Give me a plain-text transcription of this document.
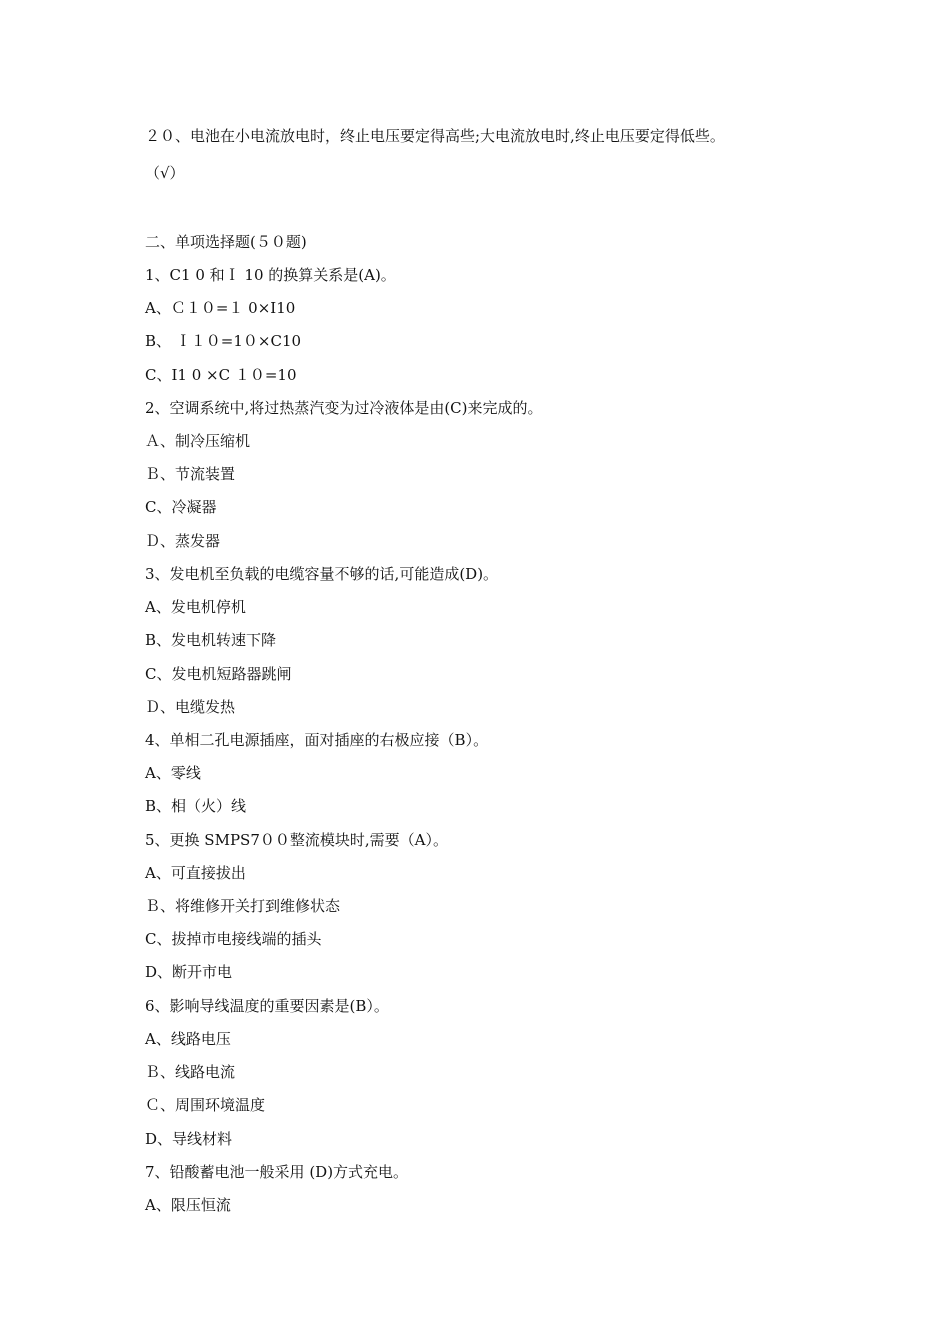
２０、电池在小电流放电时，终止电压要定得高些;大电流放电时,终止电压要定得低些。
（√）
二、单项选择题(５０题)
1、C1 0 和Ｉ 10 的换算关系是(A)。
A、Ｃ１０=１ 0×I10
B、 Ｉ１０=1０×C10
C、I1 0 ×C １０=10
2、空调系统中,将过热蒸汽变为过冷液体是由(C)来完成的。
Ａ、制冷压缩机
Ｂ、节流装置
C、冷凝器
Ｄ、蒸发器
3、发电机至负载的电缆容量不够的话,可能造成(D)。
A、发电机停机
B、发电机转速下降
C、发电机短路器跳闸
Ｄ、电缆发热
4、单相二孔电源插座，面对插座的右极应接（B）。
A、零线
B、相（火）线
5、更换 SMPS7００整流模块时,需要（A）。
A、可直接拔出
Ｂ、将维修开关打到维修状态
C、拔掉市电接线端的插头
D、断开市电
6、影响导线温度的重要因素是(B）。
A、线路电压
Ｂ、线路电流
Ｃ、周围环境温度
D、导线材料
7、铅酸蓄电池一般采用 (D)方式充电。
A、限压恒流
